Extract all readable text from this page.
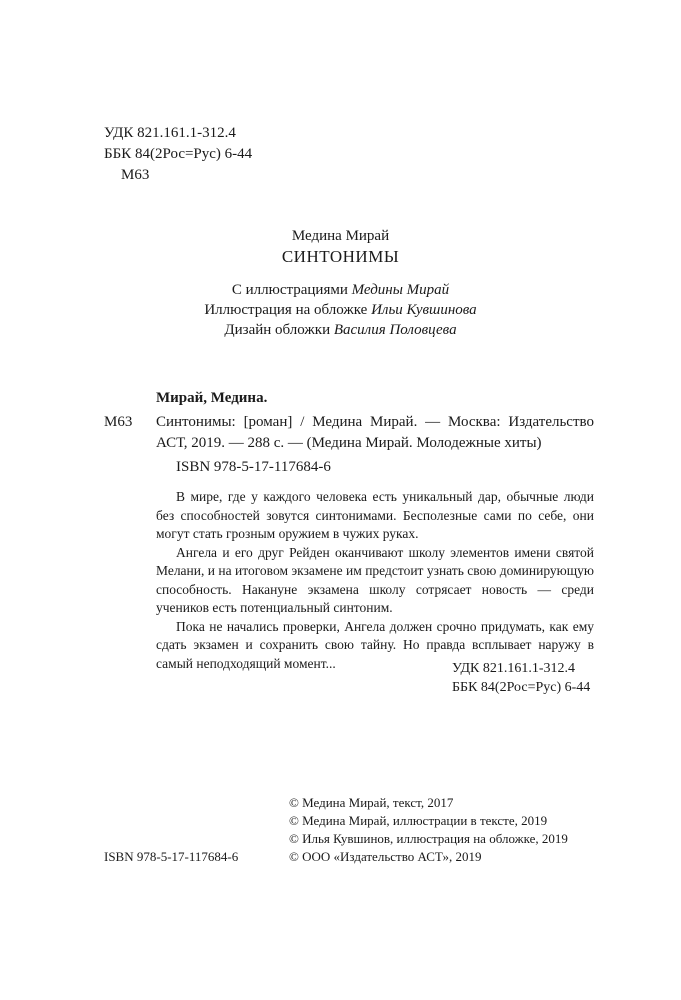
УДК 821.161.1-312.4
ББК 84(2Рос=Рус) 6-44
М63
Медина Мирай
СИНТОНИМЫ
С иллюстрациями Медины Мирай
Иллюстрация на обложке Ильи Кувшинова
Дизайн обложки Василия Половцева
Мирай, Медина.
М63 Синтонимы: [роман] / Медина Мирай. — Москва: Издательство
АСТ, 2019. — 288 с. — (Медина Мирай. Молодежные хиты)
ISBN 978-5-17-117684-6

В мире, где у каждого человека есть уникальный дар, обычные люди без способностей зовутся синтонимами. Бесполезные сами по себе, они могут стать грозным оружием в чужих руках.

Ангела и его друг Рейден оканчивают школу элементов имени святой Мелани, и на итоговом экзамене им предстоит узнать свою доминирующую способность. Накануне экзамена школу сотрясает новость — среди учеников есть потенциальный синтоним.

Пока не начались проверки, Ангела должен срочно придумать, как ему сдать экзамен и сохранить свою тайну. Но правда всплывает наружу в самый неподходящий момент...	УДК 821.161.1-312.4
ББК 84(2Рос=Рус) 6-44
© Медина Мирай, текст, 2017
© Медина Мирай, иллюстрации в тексте, 2019
© Илья Кувшинов, иллюстрация на обложке, 2019
© ООО «Издательство АСТ», 2019
ISBN 978-5-17-117684-6
